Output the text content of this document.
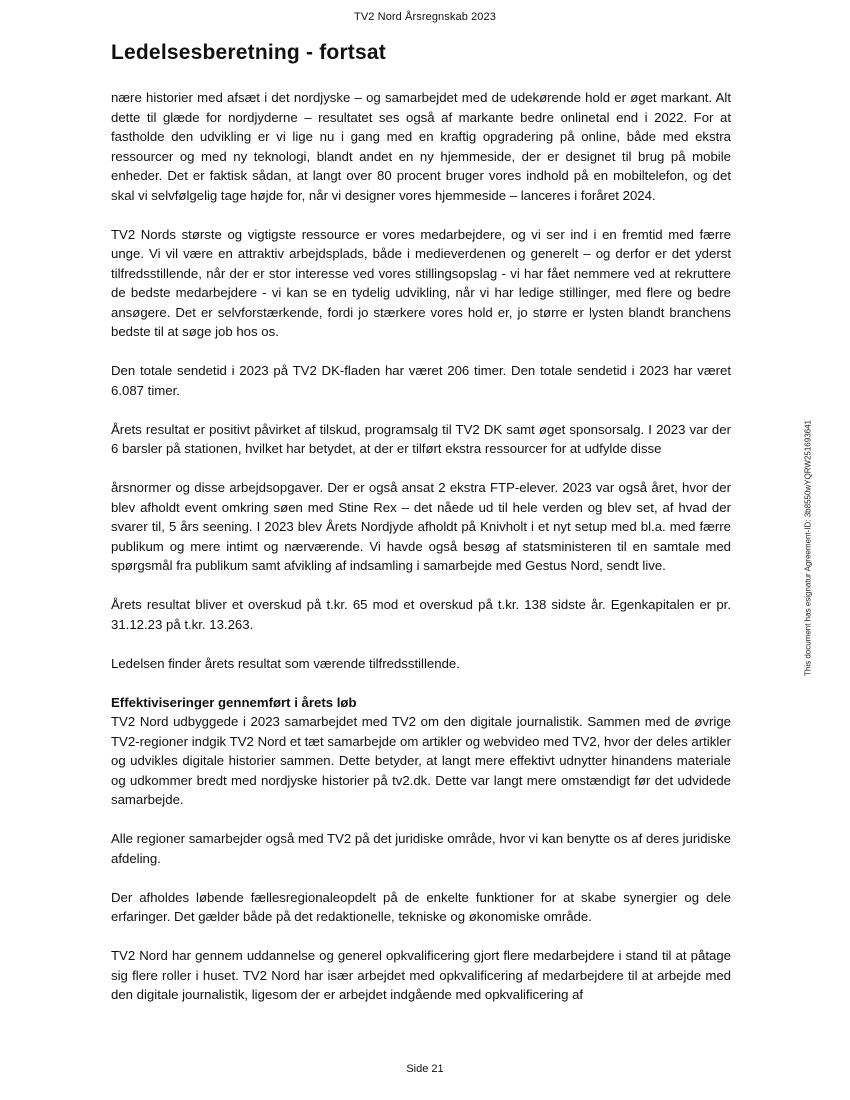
TV2 Nord Årsregnskab 2023
Ledelsesberetning - fortsat

nære historier med afsæt i det nordjyske – og samarbejdet med de udekørende hold er øget markant. Alt dette til glæde for nordjyderne – resultatet ses også af markante bedre onlinetal end i 2022. For at fastholde den udvikling er vi lige nu i gang med en kraftig opgradering på online, både med ekstra ressourcer og med ny teknologi, blandt andet en ny hjemmeside, der er designet til brug på mobile enheder. Det er faktisk sådan, at langt over 80 procent bruger vores indhold på en mobiltelefon, og det skal vi selvfølgelig tage højde for, når vi designer vores hjemmeside – lanceres i foråret 2024.

TV2 Nords største og vigtigste ressource er vores medarbejdere, og vi ser ind i en fremtid med færre unge. Vi vil være en attraktiv arbejdsplads, både i medieverdenen og generelt – og derfor er det yderst tilfredsstillende, når der er stor interesse ved vores stillingsopslag - vi har fået nemmere ved at rekruttere de bedste medarbejdere - vi kan se en tydelig udvikling, når vi har ledige stillinger, med flere og bedre ansøgere. Det er selvforstærkende, fordi jo stærkere vores hold er, jo større er lysten blandt branchens bedste til at søge job hos os.

Den totale sendetid i 2023 på TV2 DK-fladen har været 206 timer. Den totale sendetid i 2023 har været 6.087 timer.

Årets resultat er positivt påvirket af tilskud, programsalg til TV2 DK samt øget sponsorsalg. I 2023 var der 6 barsler på stationen, hvilket har betydet, at der er tilført ekstra ressourcer for at udfylde disse

årsnormer og disse arbejdsopgaver. Der er også ansat 2 ekstra FTP-elever. 2023 var også året, hvor der blev afholdt event omkring søen med Stine Rex – det nåede ud til hele verden og blev set, af hvad der svarer til, 5 års seening. I 2023 blev Årets Nordjyde afholdt på Knivholt i et nyt setup med bl.a. med færre publikum og mere intimt og nærværende. Vi havde også besøg af statsministeren til en samtale med spørgsmål fra publikum samt afvikling af indsamling i samarbejde med Gestus Nord, sendt live.

Årets resultat bliver et overskud på t.kr. 65 mod et overskud på t.kr. 138 sidste år. Egenkapitalen er pr. 31.12.23 på t.kr. 13.263.

Ledelsen finder årets resultat som værende tilfredsstillende.

Effektiviseringer gennemført i årets løb

TV2 Nord udbyggede i 2023 samarbejdet med TV2 om den digitale journalistik. Sammen med de øvrige TV2-regioner indgik TV2 Nord et tæt samarbejde om artikler og webvideo med TV2, hvor der deles artikler og udvikles digitale historier sammen. Dette betyder, at langt mere effektivt udnytter hinandens materiale og udkommer bredt med nordjyske historier på tv2.dk. Dette var langt mere omstændigt før det udvidede samarbejde.

Alle regioner samarbejder også med TV2 på det juridiske område, hvor vi kan benytte os af deres juridiske afdeling.

Der afholdes løbende fællesregionaleopdelt på de enkelte funktioner for at skabe synergier og dele erfaringer. Det gælder både på det redaktionelle, tekniske og økonomiske område.

TV2 Nord har gennem uddannelse og generel opkvalificering gjort flere medarbejdere i stand til at påtage sig flere roller i huset. TV2 Nord har især arbejdet med opkvalificering af medarbejdere til at arbejde med den digitale journalistik, ligesom der er arbejdet indgående med opkvalificering af

This document has esignatur Agreement-ID: 3b8550wYQRW251693641
Side 21
